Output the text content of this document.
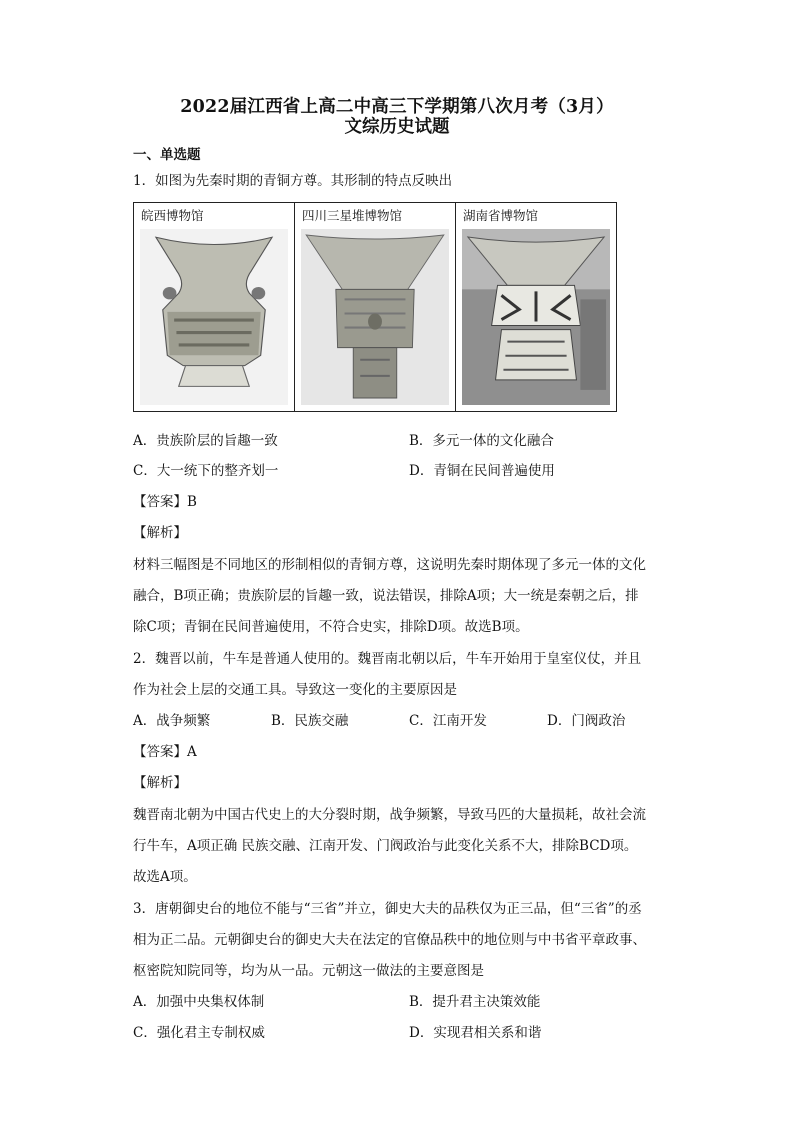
2022届江西省上高二中高三下学期第八次月考（3月）
文综历史试题
一、单选题
1．如图为先秦时期的青铜方尊。其形制的特点反映出
皖西博物馆	四川三星堆博物馆	湖南省博物馆
A．贵族阶层的旨趣一致	B．多元一体的文化融合
C．大一统下的整齐划一	D．青铜在民间普遍使用
【答案】B
【解析】
材料三幅图是不同地区的形制相似的青铜方尊，这说明先秦时期体现了多元一体的文化
融合，B项正确；贵族阶层的旨趣一致，说法错误，排除A项；大一统是秦朝之后，排
除C项；青铜在民间普遍使用，不符合史实，排除D项。故选B项。
2．魏晋以前，牛车是普通人使用的。魏晋南北朝以后，牛车开始用于皇室仪仗，并且
作为社会上层的交通工具。导致这一变化的主要原因是
A．战争频繁	B．民族交融	C．江南开发	D．门阀政治
【答案】A
【解析】
魏晋南北朝为中国古代史上的大分裂时期，战争频繁，导致马匹的大量损耗，故社会流
行牛车，A项正确 民族交融、江南开发、门阀政治与此变化关系不大，排除BCD项。
故选A项。
3．唐朝御史台的地位不能与“三省”并立，御史大夫的品秩仅为正三品，但“三省”的丞
相为正二品。元朝御史台的御史大夫在法定的官僚品秩中的地位则与中书省平章政事、
枢密院知院同等，均为从一品。元朝这一做法的主要意图是
A．加强中央集权体制	B．提升君主决策效能
C．强化君主专制权威	D．实现君相关系和谐
